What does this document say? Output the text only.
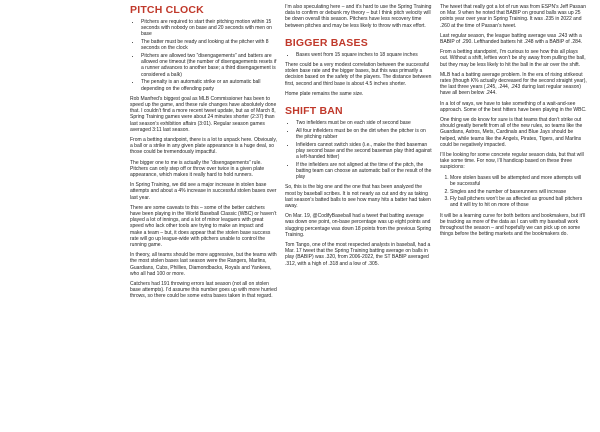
PITCH CLOCK
• Pitchers are required to start their pitching motion within 15 seconds with nobody on base and 20 seconds with men on base
• The batter must be ready and looking at the pitcher with 8 seconds on the clock
• Pitchers are allowed two “disengagements” and batters are allowed one timeout (the number of disengagements resets if a runner advances to another base; a third disengagement is considered a balk)
• The penalty is an automatic strike or an automatic ball depending on the offending party

Rob Manfred’s biggest goal as MLB Commissioner has been to speed up the game, and these rule changes have absolutely done that. I couldn’t find a more recent tweet update, but as of March 8, Spring Training games were about 24 minutes shorter (2:37) than last season’s exhibition affairs (3:01). Regular season games averaged 3:11 last season.

From a betting standpoint, there is a lot to unpack here. Obviously, a ball or a strike in any given plate appearance is a huge deal, so those could be tremendously impactful.

The bigger one to me is actually the “disengagements” rule. Pitchers can only step off or throw over twice in a given plate appearance, which makes it really hard to hold runners.

In Spring Training, we did see a major increase in stolen base attempts and about a 4% increase in successful stolen bases over last year.

There are some caveats to this – some of the better catchers have been playing in the World Baseball Classic (WBC) or haven’t played a lot of innings, and a lot of minor leaguers with great speed who lack other tools are trying to make an impact and make a team – but, it does appear that the stolen base success rate will go up league-wide with pitchers unable to control the running game.

In theory, all teams should be more aggressive, but the teams with the most stolen bases last season were the Rangers, Marlins, Guardians, Cubs, Phillies, Diamondbacks, Royals and Yankees, who all had 100 or more.

Catchers had 191 throwing errors last season (not all on stolen base attempts). I’d assume this number goes up with more hurried throws, so there could be some extra bases taken in that regard.

I’m also speculating here – and it’s hard to use the Spring Training data to confirm or debunk my theory – but I think pitch velocity will be down overall this season. Pitchers have less recovery time between pitches and may be less likely to throw with max effort.

BIGGER BASES
• Bases went from 15 square inches to 18 square inches

There could be a very modest correlation between the successful stolen base rate and the bigger bases, but this was primarily a decision based on the safety of the players. The distance between first, second and third base is about 4.5 inches shorter.

Home plate remains the same size.

SHIFT BAN
• Two infielders must be on each side of second base
• All four infielders must be on the dirt when the pitcher is on the pitching rubber
• Infielders cannot switch sides (i.e., make the third baseman play second base and the second baseman play third against a left-handed hitter)
• If the infielders are not aligned at the time of the pitch, the batting team can choose an automatic ball or the result of the play

So, this is the big one and the one that has been analyzed the most by baseball scribes. It is not nearly as cut and dry as taking last season’s batted balls to see how many hits a batter had taken away.

On Mar. 19, @CodifyBaseball had a tweet that batting average was down one point, on-base percentage was up eight points and slugging percentage was down 18 points from the previous Spring Training.

Tom Tango, one of the most respected analysts in baseball, had a Mar. 17 tweet that the Spring Training batting average on balls in play (BABIP) was .320, from 2006-2022, the ST BABIP averaged .312, with a high of .318 and a low of .305.

The tweet that really got a lot of run was from ESPN’s Jeff Passan on Mar. 9 when he noted that BABIP on ground balls was up 25 points year over year in Spring Training. It was .235 in 2022 and .260 at the time of Passan’s tweet.

Last regular season, the league batting average was .243 with a BABIP of .290. Lefthanded batters hit .248 with a BABIP of .284.

From a betting standpoint, I’m curious to see how this all plays out. Without a shift, lefties won’t be shy away from pulling the ball, but they may be less likely to hit the ball in the air over the shift.

MLB had a batting average problem. In the era of rising strikeout rates (though K% actually decreased for the second straight year), the last three years (.245, .244, .243 during last regular season) have all been below .244.

In a lot of ways, we have to take something of a wait-and-see approach. Some of the best hitters have been playing in the WBC.

One thing we do know for sure is that teams that don’t strike out should greatly benefit from all of the new rules, so teams like the Guardians, Astros, Mets, Cardinals and Blue Jays should be helped, while teams like the Angels, Pirates, Tigers, and Marlins could be negatively impacted.

I’ll be looking for some concrete regular season data, but that will take some time. For now, I’ll handicap based on these three suspicions:

1. More stolen bases will be attempted and more attempts will be successful
2. Singles and the number of baserunners will increase
3. Fly ball pitchers won’t be as affected as ground ball pitchers and it will try to hit on more of those

It will be a learning curve for both bettors and bookmakers, but it’ll be tracking as more of the data as I can with my baseball work throughout the season – and hopefully we can pick up on some things before the betting markets and the bookmakers do.
